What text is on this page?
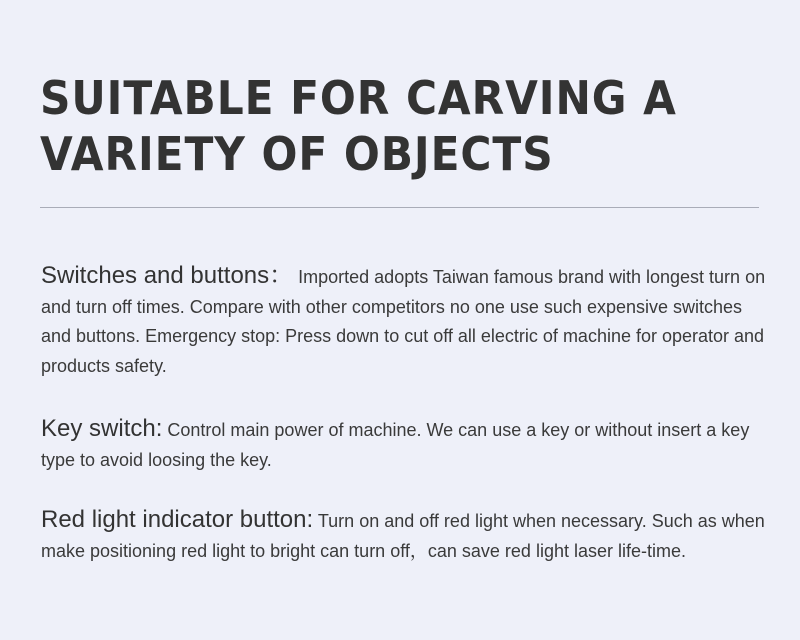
SUITABLE FOR CARVING A VARIETY OF OBJECTS

Switches and buttons： Imported adopts Taiwan famous brand with longest turn on and turn off times. Compare with other competitors no one use such expensive switches and buttons. Emergency stop: Press down to cut off all electric of machine for operator and products safety.

Key switch: Control main power of machine. We can use a key or without insert a key type to avoid loosing the key.

Red light indicator button: Turn on and off red light when necessary. Such as when make positioning red light to bright can turn off，can save red light laser life-time.
